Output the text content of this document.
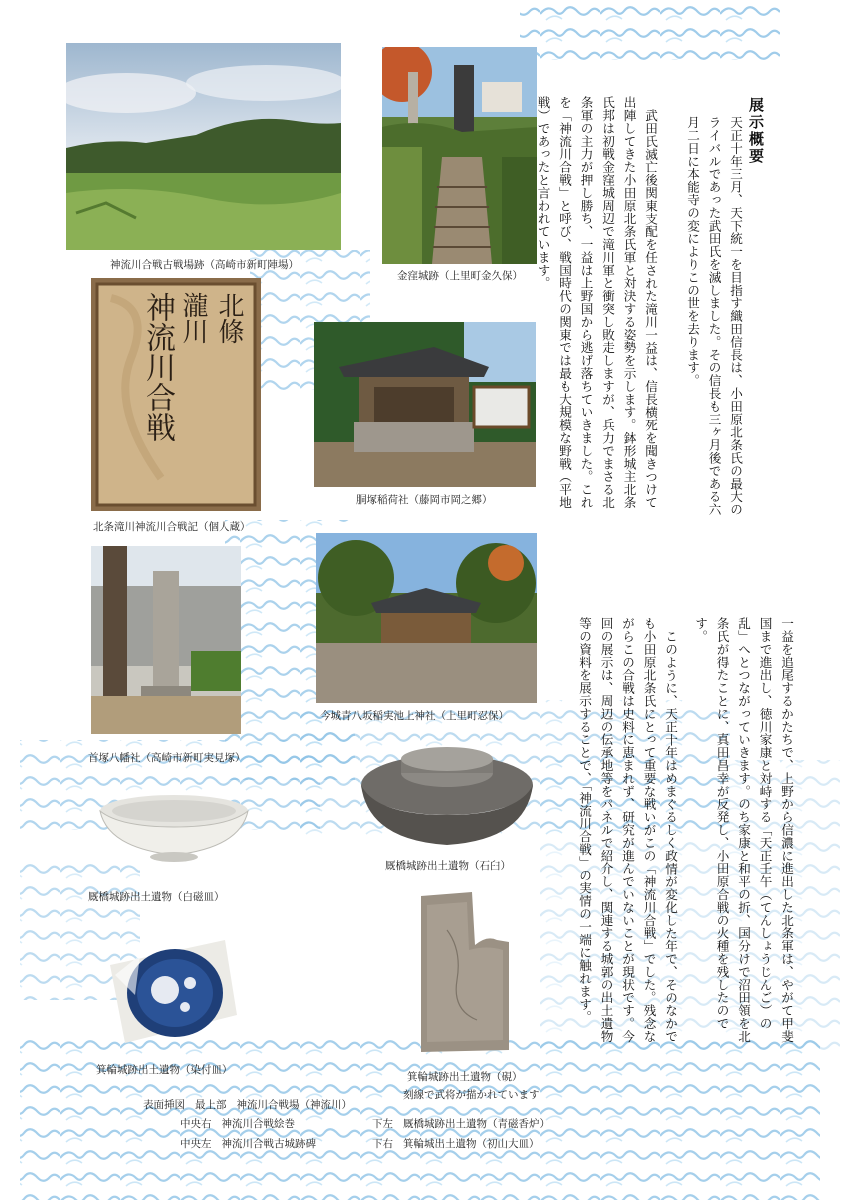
北條
瀧川
神流川合戦
神流川合戦古戦場跡（高崎市新町陣場）
金窪城跡（上里町金久保）
北条滝川神流川合戦記（個人蔵）
胴塚稲荷社（藤岡市岡之郷）
首塚八幡社（高崎市新町実見塚）
今城青八坂稲実池上神社（上里町忍保）
厩橋城跡出土遺物（石臼）
厩橋城跡出土遺物（白磁皿）
箕輪城跡出土遺物（染付皿）
箕輪城跡出土遺物（硯）
刻線で武将が描かれています
展示概要
天正十年三月、天下統一を目指す織田信長は、小田原北条氏の最大のライバルであった武田氏を滅しました。その信長も三ヶ月後である六月二日に本能寺の変によりこの世を去ります。
武田氏滅亡後関東支配を任された滝川一益は、信長横死を聞きつけて出陣してきた小田原北条氏軍と対決する姿勢を示します。鉢形城主北条氏邦は初戦金窪城周辺で滝川軍と衝突し敗走しますが、兵力でまさる北条軍の主力が押し勝ち、一益は上野国から逃げ落ちていきました。これを「神流川合戦」と呼び、戦国時代の関東では最も大規模な野戦（平地戦）であったと言われています。
一益を追尾するかたちで、上野から信濃に進出した北条軍は、やがて甲斐国まで進出し、徳川家康と対峙する「天正壬午（てんしょうじんご）の乱」へとつながっていきます。のち家康と和平の折、国分けで沼田領を北条氏が得たことに、真田昌幸が反発し、小田原合戦の火種を残したのです。
このように、天正十年はめまぐるしく政情が変化した年で、そのなかでも小田原北条氏にとって重要な戦いがこの「神流川合戦」でした。残念ながらこの合戦は史料に恵まれず、研究が進んでいないことが現状です。今回の展示は、周辺の伝承地等をパネルで紹介し、関連する城郭の出土遺物等の資料を展示することで、「神流川合戦」の実情の一端に触れます。
表面挿図 最上部 神流川合戦場（神流川）
中央右 神流川合戦絵巻
中央左 神流川合戦古城跡碑
下左 厩橋城跡出土遺物（青磁香炉）
下右 箕輪城出土遺物（初山大皿）
